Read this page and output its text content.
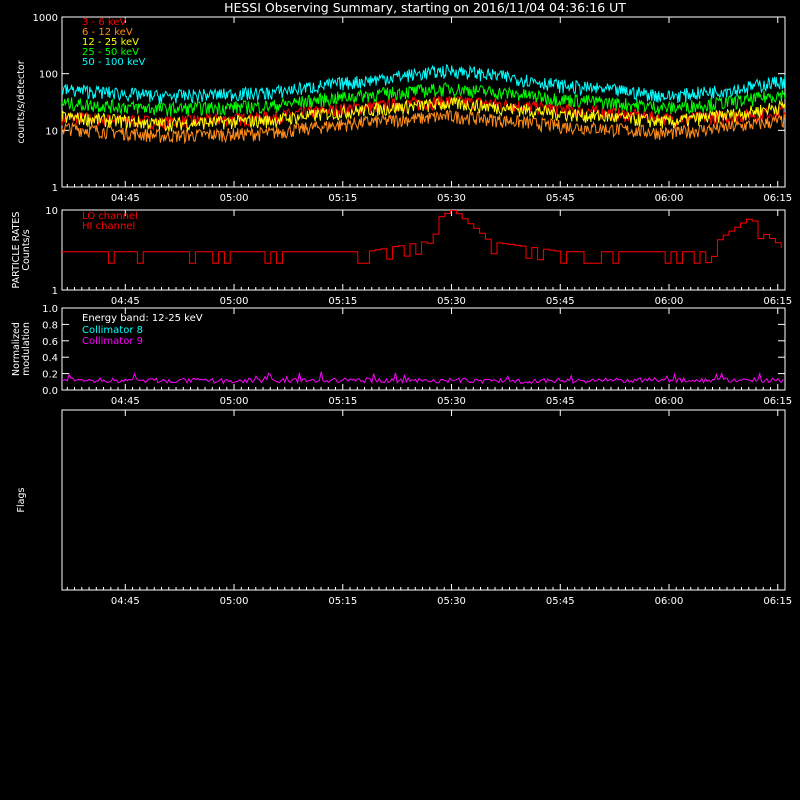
HESSI Observing Summary, starting on 2016/11/04 04:36:16 UT
04:45	05:00	05:15	05:30	05:45	06:00	06:15
1
10
100
1000
counts/s/detector
3 - 6 keV
6 - 12 keV
12 - 25 keV
25 - 50 keV
50 - 100 keV
04:45	05:00	05:15	05:30	05:45	06:00	06:15
1
10
PARTICLE RATES Counts/s
LO channel
HI channel
04:45	05:00	05:15	05:30	05:45	06:00	06:15
0.0
0.2
0.4
0.6
0.8
1.0
Normalized modulation
Energy band: 12-25 keV
Collimator 8
Collimator 9
04:45	05:00	05:15	05:30	05:45	06:00	06:15
Flags
